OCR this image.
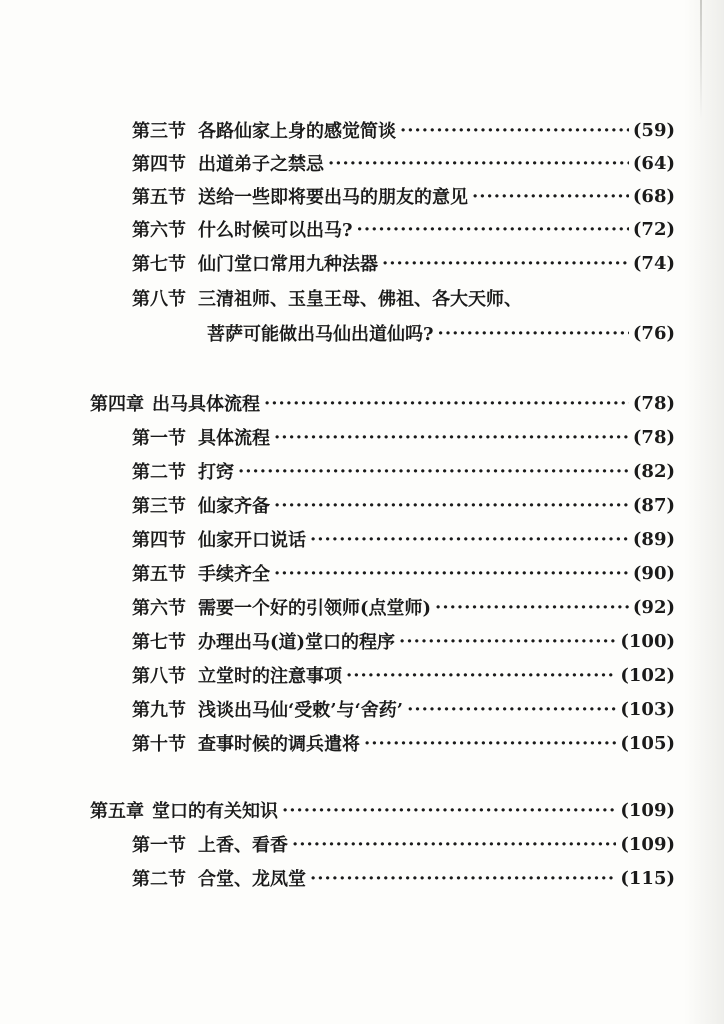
第三节 各路仙家上身的感觉简谈 ·····	(59)
第四节 出道弟子之禁忌 ·····	(64)
第五节 送给一些即将要出马的朋友的意见 ·····	(68)
第六节 什么时候可以出马? ·····	(72)
第七节 仙门堂口常用九种法器 ·····	(74)
第八节 三清祖师、玉皇王母、佛祖、各大天师、
菩萨可能做出马仙出道仙吗? ·····	(76)
第四章 出马具体流程 ·····	(78)
第一节 具体流程 ·····	(78)
第二节 打窍 ·····	(82)
第三节 仙家齐备 ·····	(87)
第四节 仙家开口说话 ·····	(89)
第五节 手续齐全 ·····	(90)
第六节 需要一个好的引领师(点堂师) ·····	(92)
第七节 办理出马(道)堂口的程序 ·····	(100)
第八节 立堂时的注意事项 ·····	(102)
第九节 浅谈出马仙‘受敕’与‘舍药’ ·····	(103)
第十节 查事时候的调兵遣将 ·····	(105)
第五章 堂口的有关知识 ·····	(109)
第一节 上香、看香 ·····	(109)
第二节 合堂、龙凤堂 ·····	(115)
